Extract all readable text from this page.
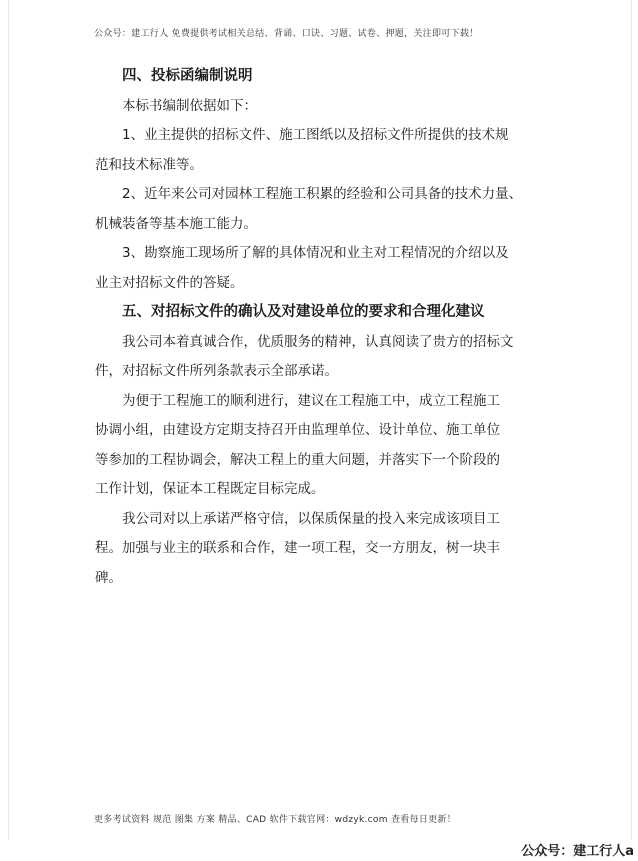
公众号：建工行人 免费提供考试相关总结、背诵、口诀、习题、试卷、押题，关注即可下载！
四、投标函编制说明
本标书编制依据如下：
1、业主提供的招标文件、施工图纸以及招标文件所提供的技术规
范和技术标准等。
2、近年来公司对园林工程施工积累的经验和公司具备的技术力量、
机械装备等基本施工能力。
3、勘察施工现场所了解的具体情况和业主对工程情况的介绍以及
业主对招标文件的答疑。
五、对招标文件的确认及对建设单位的要求和合理化建议
我公司本着真诚合作，优质服务的精神，认真阅读了贵方的招标文
件，对招标文件所列条款表示全部承诺。
为便于工程施工的顺利进行，建议在工程施工中，成立工程施工
协调小组，由建设方定期支持召开由监理单位、设计单位、施工单位
等参加的工程协调会，解决工程上的重大问题，并落实下一个阶段的
工作计划，保证本工程既定目标完成。
我公司对以上承诺严格守信，以保质保量的投入来完成该项目工
程。加强与业主的联系和合作，建一项工程，交一方朋友，树一块丰
碑。
更多考试资料 规范 图集 方案 精品、CAD 软件下载官网：wdzyk.com 查看每日更新！
公众号：建工行人a
